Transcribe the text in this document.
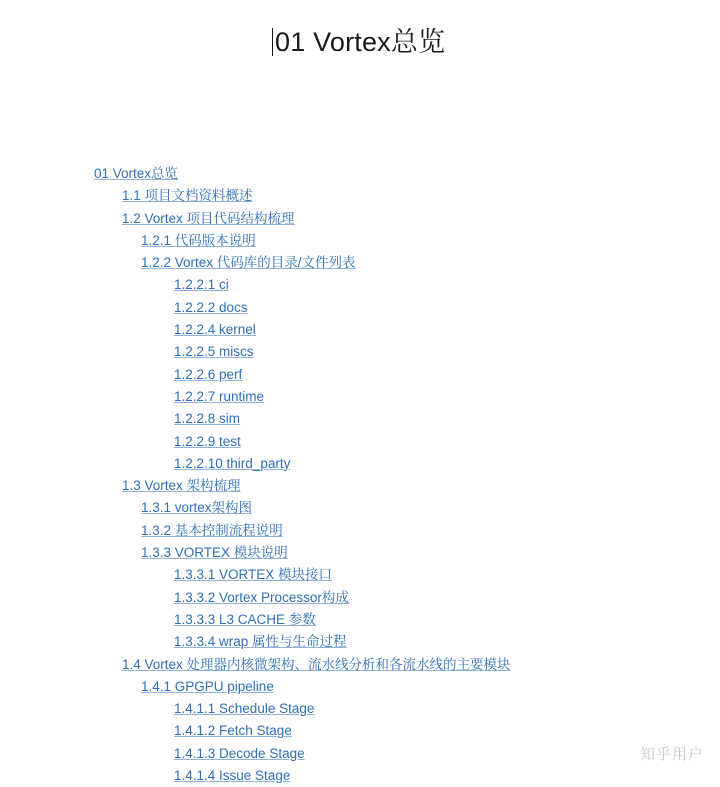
01 Vortex总览
01 Vortex总览
1.1 项目文档资料概述
1.2 Vortex 项目代码结构梳理
1.2.1 代码版本说明
1.2.2 Vortex 代码库的目录/文件列表
1.2.2.1 ci
1.2.2.2 docs
1.2.2.4 kernel
1.2.2.5 miscs
1.2.2.6 perf
1.2.2.7 runtime
1.2.2.8 sim
1.2.2.9 test
1.2.2.10 third_party
1.3 Vortex 架构梳理
1.3.1 vortex架构图
1.3.2 基本控制流程说明
1.3.3 VORTEX 模块说明
1.3.3.1 VORTEX 模块接口
1.3.3.2 Vortex Processor构成
1.3.3.3 L3 CACHE 参数
1.3.3.4 wrap 属性与生命过程
1.4 Vortex 处理器内核微架构、流水线分析和各流水线的主要模块
1.4.1 GPGPU pipeline
1.4.1.1 Schedule Stage
1.4.1.2 Fetch Stage
1.4.1.3 Decode Stage
1.4.1.4 Issue Stage
知乎用户
